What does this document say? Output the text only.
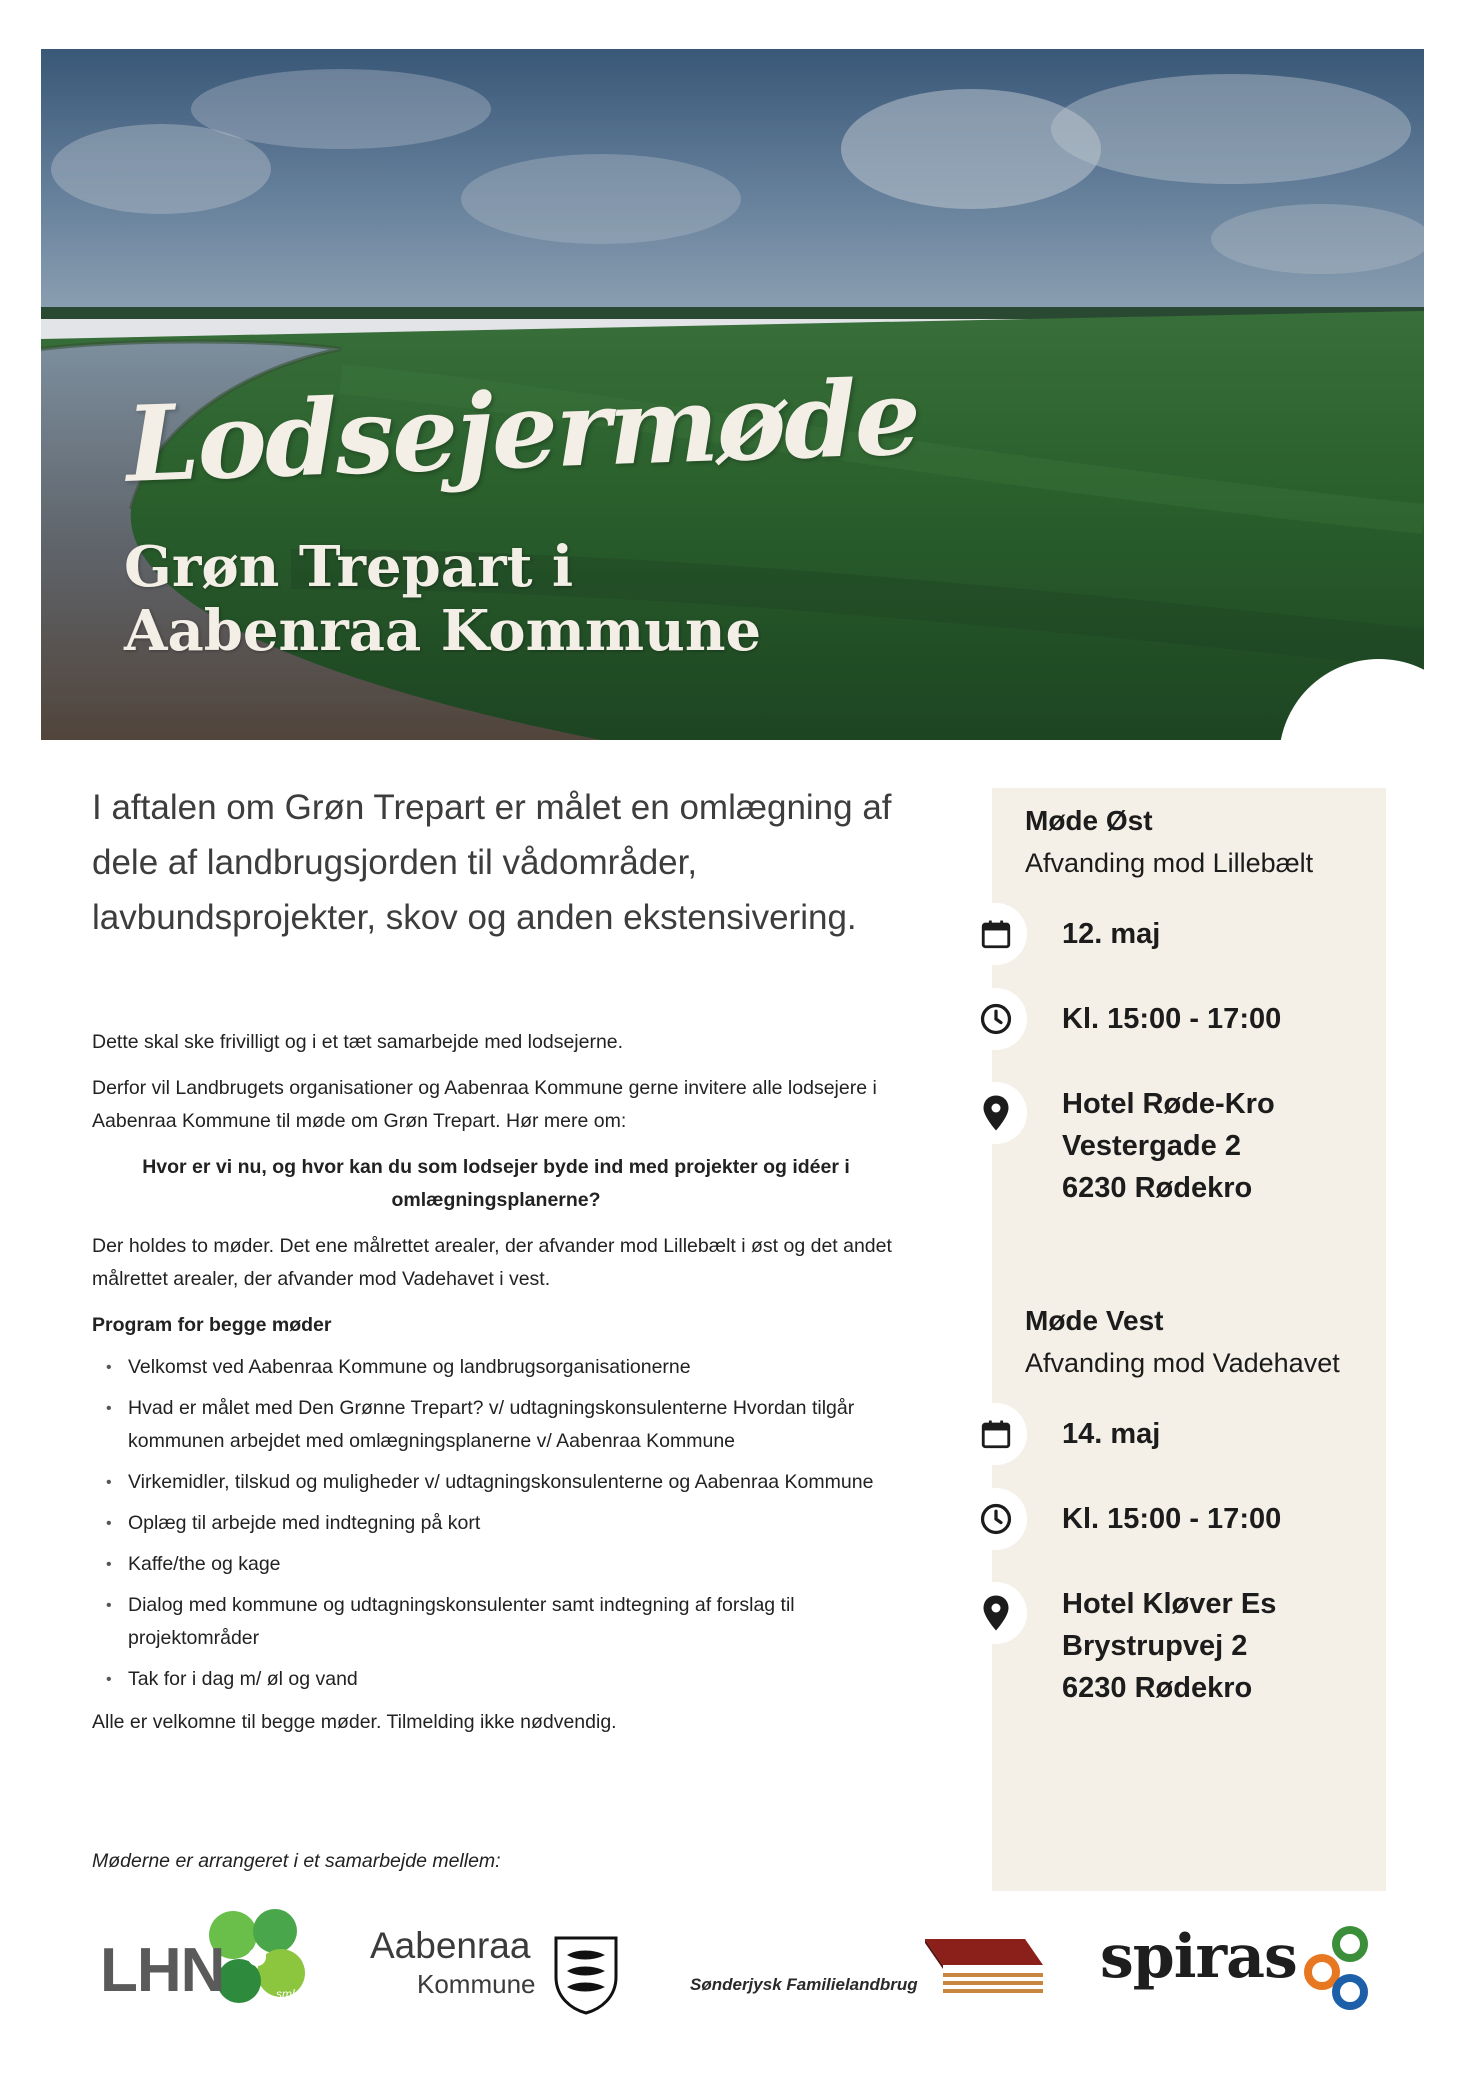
Lodsejermøde
Grøn Trepart i
Aabenraa Kommune

I aftalen om Grøn Trepart er målet en omlægning af dele af landbrugsjorden til vådområder, lavbundsprojekter, skov og anden ekstensivering.

Dette skal ske frivilligt og i et tæt samarbejde med lodsejerne.

Derfor vil Landbrugets organisationer og Aabenraa Kommune gerne invitere alle lodsejere i Aabenraa Kommune til møde om Grøn Trepart. Hør mere om:

Hvor er vi nu, og hvor kan du som lodsejer byde ind med projekter og idéer i omlægningsplanerne?

Der holdes to møder. Det ene målrettet arealer, der afvander mod Lillebælt i øst og det andet målrettet arealer, der afvander mod Vadehavet i vest.

Program for begge møder

• Velkomst ved Aabenraa Kommune og landbrugsorganisationerne
• Hvad er målet med Den Grønne Trepart? v/ udtagningskonsulenterne Hvordan tilgår kommunen arbejdet med omlægningsplanerne v/ Aabenraa Kommune
• Virkemidler, tilskud og muligheder v/ udtagningskonsulenterne og Aabenraa Kommune
• Oplæg til arbejde med indtegning på kort
• Kaffe/the og kage
• Dialog med kommune og udtagningskonsulenter samt indtegning af forslag til projektområder
• Tak for i dag m/ øl og vand

Alle er velkomne til begge møder. Tilmelding ikke nødvendig.

Møderne er arrangeret i et samarbejde mellem:

Møde Øst

Afvanding mod Lillebælt

12. maj

Kl. 15:00 - 17:00

Hotel Røde-Kro
Vestergade 2
6230 Rødekro

Møde Vest

Afvanding mod Vadehavet

14. maj

Kl. 15:00 - 17:00

Hotel Kløver Es
Brystrupvej 2
6230 Rødekro

LHN	sml
Aabenraa
Kommune	Sønderjysk Familielandbrug	spiras
